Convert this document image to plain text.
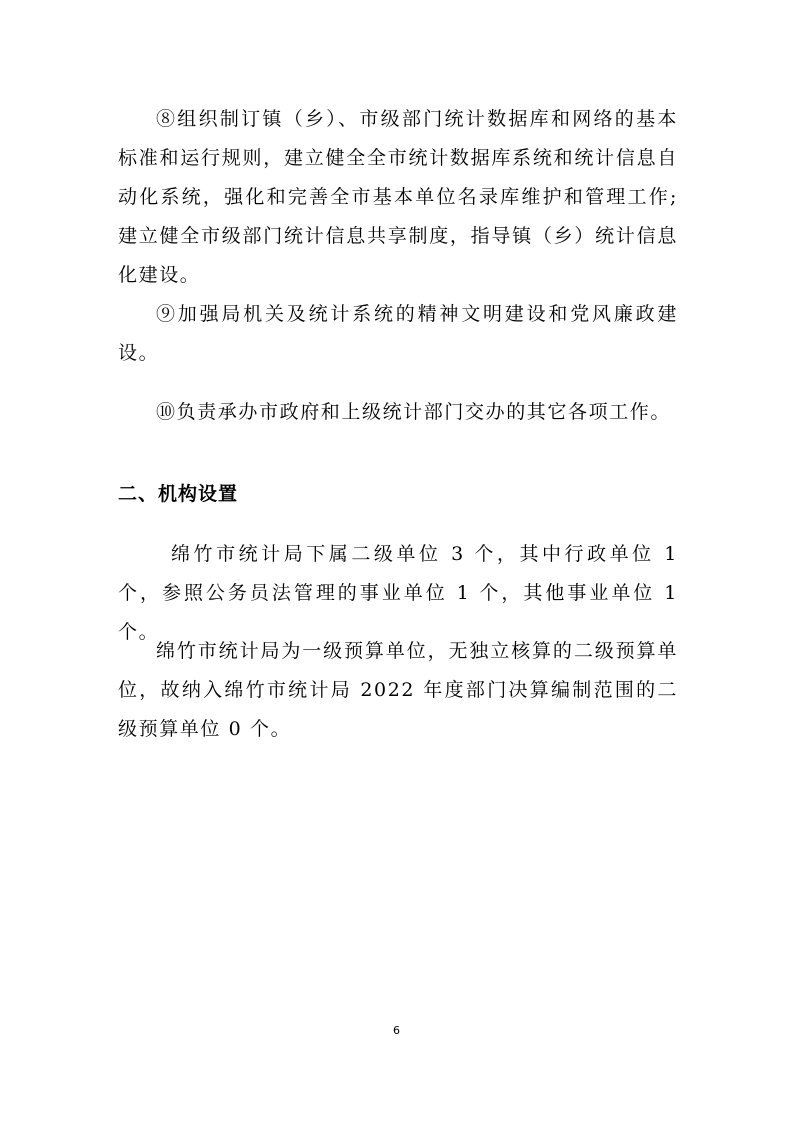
⑧组织制订镇（乡）、市级部门统计数据库和网络的基本标准和运行规则，建立健全全市统计数据库系统和统计信息自动化系统，强化和完善全市基本单位名录库维护和管理工作;建立健全市级部门统计信息共享制度，指导镇（乡）统计信息化建设。

⑨加强局机关及统计系统的精神文明建设和党风廉政建设。

⑩负责承办市政府和上级统计部门交办的其它各项工作。

二、机构设置

绵竹市统计局下属二级单位 3 个，其中行政单位 1 个，参照公务员法管理的事业单位 1 个，其他事业单位 1 个。

绵竹市统计局为一级预算单位，无独立核算的二级预算单位，故纳入绵竹市统计局 2022 年度部门决算编制范围的二级预算单位 0 个。

6
